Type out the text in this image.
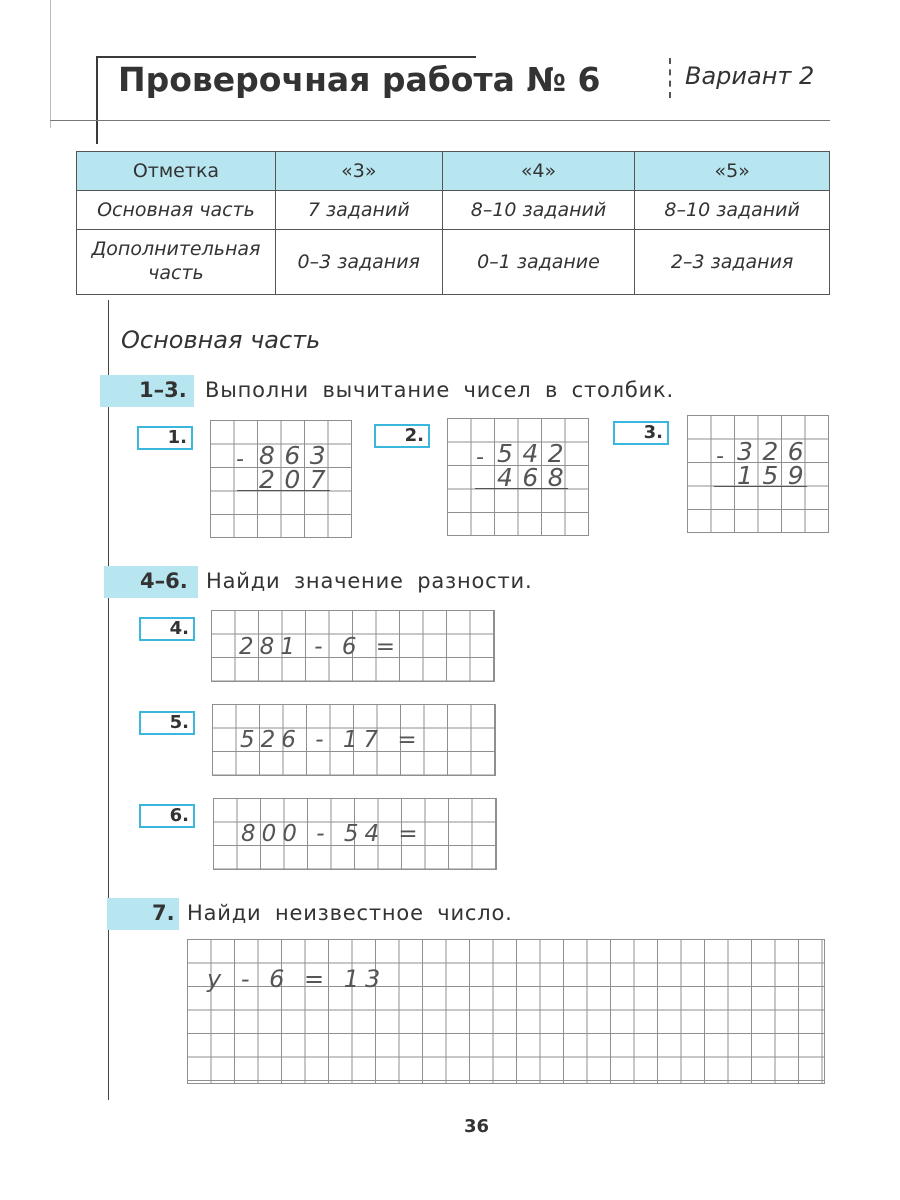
Проверочная работа № 6	Вариант 2
Отметка	«3»	«4»	«5»
Основная часть	7 заданий	8–10 заданий	8–10 заданий
Дополнительная часть	0–3 задания	0–1 задание	2–3 задания
Основная часть
1–3. Выполни вычитание чисел в столбик.
1.
- 863
207
2.
- 542
468
3.
- 326
159
4–6. Найди значение разности.
4.
281 - 6 =
5.
526 - 17 =
6.
800 - 54 =
7. Найди неизвестное число.
y - 6 = 13
36
